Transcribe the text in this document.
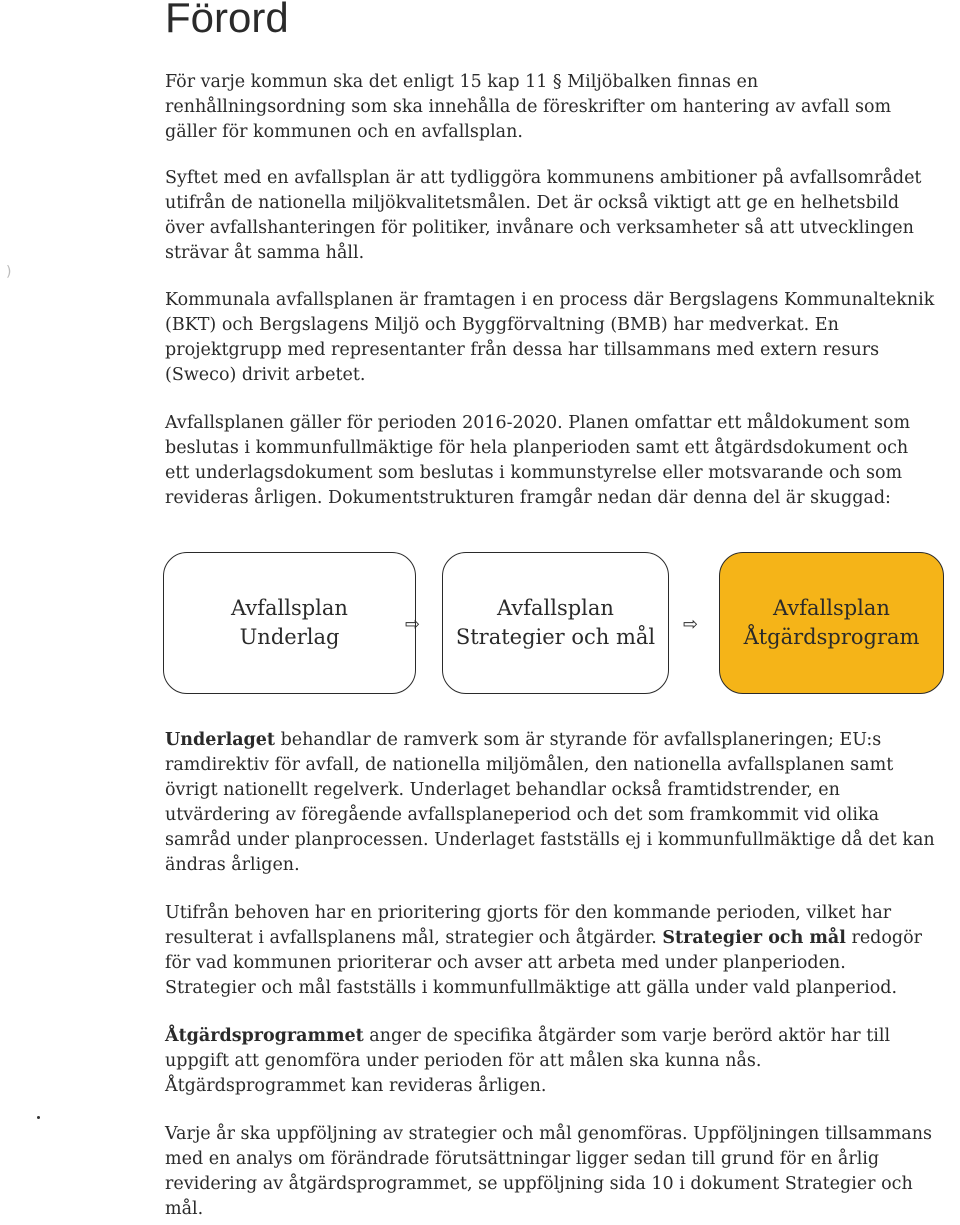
Förord

För varje kommun ska det enligt 15 kap 11 § Miljöbalken finnas en renhållningsordning som ska innehålla de föreskrifter om hantering av avfall som gäller för kommunen och en avfallsplan.

Syftet med en avfallsplan är att tydliggöra kommunens ambitioner på avfallsområdet utifrån de nationella miljökvalitetsmålen. Det är också viktigt att ge en helhetsbild över avfallshanteringen för politiker, invånare och verksamheter så att utvecklingen strävar åt samma håll.

Kommunala avfallsplanen är framtagen i en process där Bergslagens Kommunalteknik (BKT) och Bergslagens Miljö och Byggförvaltning (BMB) har medverkat. En projektgrupp med representanter från dessa har tillsammans med extern resurs (Sweco) drivit arbetet.

Avfallsplanen gäller för perioden 2016-2020. Planen omfattar ett måldokument som beslutas i kommunfullmäktige för hela planperioden samt ett åtgärdsdokument och ett underlagsdokument som beslutas i kommunstyrelse eller motsvarande och som revideras årligen. Dokumentstrukturen framgår nedan där denna del är skuggad:

Avfallsplan
Underlag
⇨
Avfallsplan
Strategier och mål
⇨
Avfallsplan
Åtgärdsprogram

Underlaget behandlar de ramverk som är styrande för avfallsplaneringen; EU:s ramdirektiv för avfall, de nationella miljömålen, den nationella avfallsplanen samt övrigt nationellt regelverk. Underlaget behandlar också framtidstrender, en utvärdering av föregående avfallsplaneperiod och det som framkommit vid olika samråd under planprocessen. Underlaget fastställs ej i kommunfullmäktige då det kan ändras årligen.

Utifrån behoven har en prioritering gjorts för den kommande perioden, vilket har resulterat i avfallsplanens mål, strategier och åtgärder. Strategier och mål redogör för vad kommunen prioriterar och avser att arbeta med under planperioden. Strategier och mål fastställs i kommunfullmäktige att gälla under vald planperiod.

Åtgärdsprogrammet anger de specifika åtgärder som varje berörd aktör har till uppgift att genomföra under perioden för att målen ska kunna nås. Åtgärdsprogrammet kan revideras årligen.

Varje år ska uppföljning av strategier och mål genomföras. Uppföljningen tillsammans med en analys om förändrade förutsättningar ligger sedan till grund för en årlig revidering av åtgärdsprogrammet, se uppföljning sida 10 i dokument Strategier och mål.

)
